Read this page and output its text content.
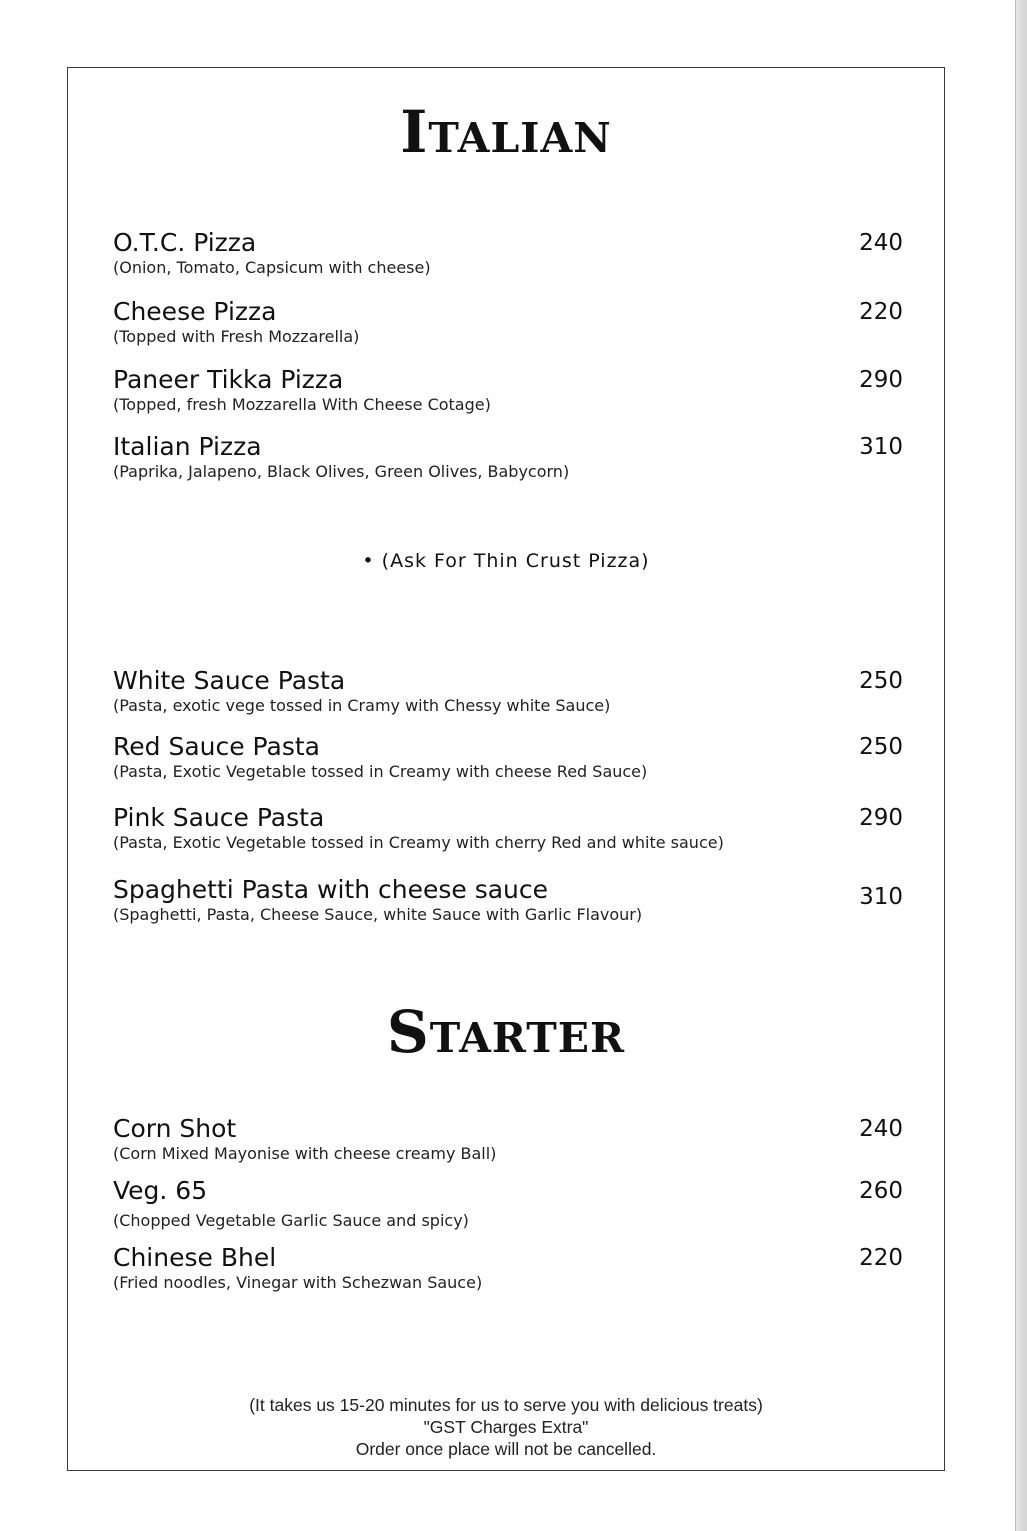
Italian
O.T.C. Pizza
(Onion, Tomato, Capsicum with cheese)
240
Cheese Pizza
(Topped with Fresh Mozzarella)
220
Paneer Tikka Pizza
(Topped, fresh Mozzarella With Cheese Cotage)
290
Italian Pizza
(Paprika, Jalapeno, Black Olives, Green Olives, Babycorn)
310
• (Ask For Thin Crust Pizza)
White Sauce Pasta
(Pasta, exotic vege tossed in Cramy with Chessy white Sauce)
250
Red Sauce Pasta
(Pasta, Exotic Vegetable tossed in Creamy with cheese Red Sauce)
250
Pink Sauce Pasta
(Pasta, Exotic Vegetable tossed in Creamy with cherry Red and white sauce)
290
Spaghetti Pasta with cheese sauce
(Spaghetti, Pasta, Cheese Sauce, white Sauce with Garlic Flavour)
310
Starter
Corn Shot
(Corn Mixed Mayonise with cheese creamy Ball)
240
Veg. 65
(Chopped Vegetable Garlic Sauce and spicy)
260
Chinese Bhel
(Fried noodles, Vinegar with Schezwan Sauce)
220
(It takes us 15-20 minutes for us to serve you with delicious treats)
"GST Charges Extra"
Order once place will not be cancelled.
